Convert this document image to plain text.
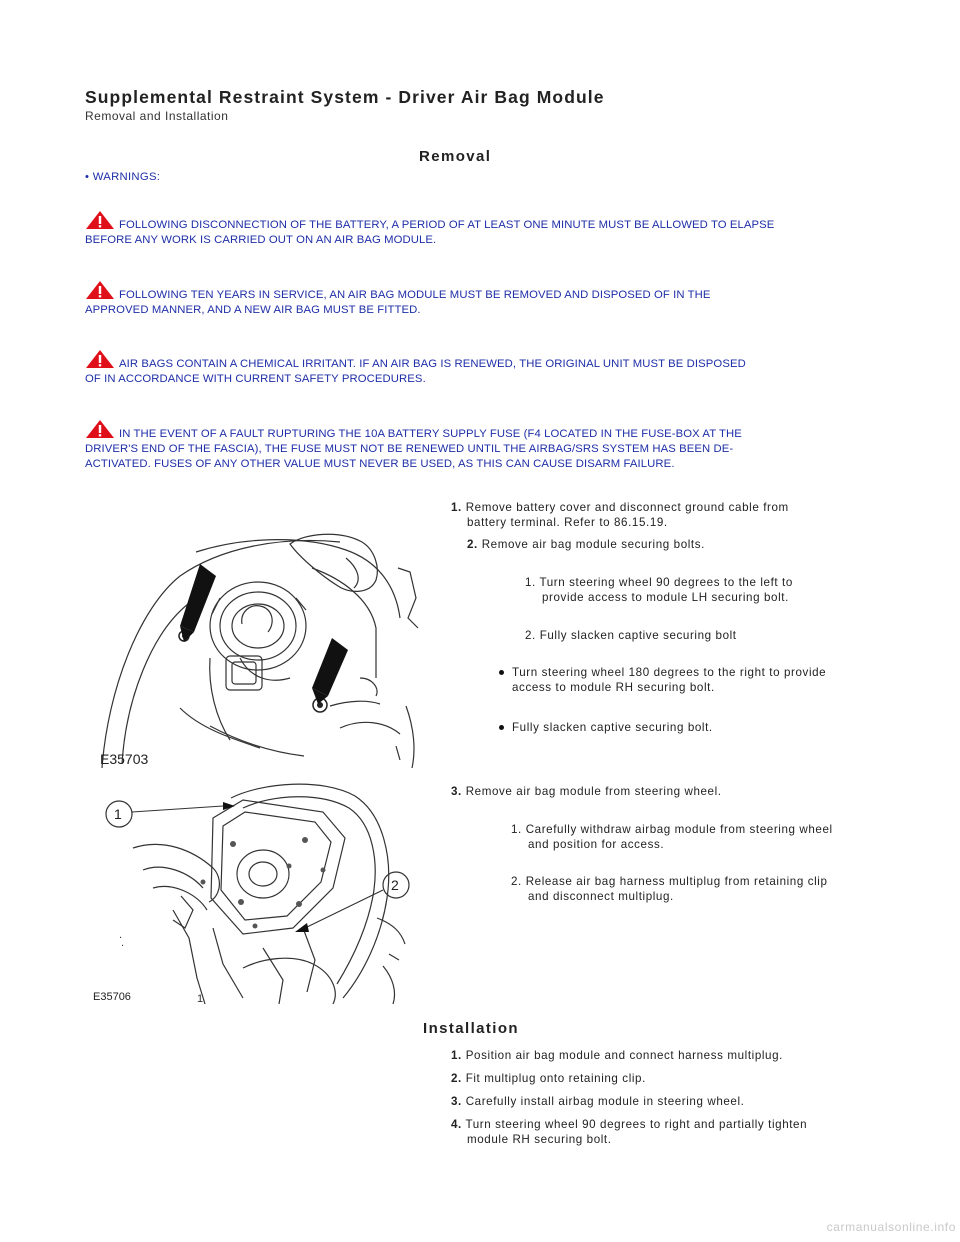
Supplemental Restraint System - Driver Air Bag Module
Removal and Installation
Removal
• WARNINGS:
FOLLOWING DISCONNECTION OF THE BATTERY, A PERIOD OF AT LEAST ONE MINUTE MUST BE ALLOWED TO ELAPSE
BEFORE ANY WORK IS CARRIED OUT ON AN AIR BAG MODULE.
FOLLOWING TEN YEARS IN SERVICE, AN AIR BAG MODULE MUST BE REMOVED AND DISPOSED OF IN THE
APPROVED MANNER, AND A NEW AIR BAG MUST BE FITTED.
AIR BAGS CONTAIN A CHEMICAL IRRITANT. IF AN AIR BAG IS RENEWED, THE ORIGINAL UNIT MUST BE DISPOSED
OF IN ACCORDANCE WITH CURRENT SAFETY PROCEDURES.
IN THE EVENT OF A FAULT RUPTURING THE 10A BATTERY SUPPLY FUSE (F4 LOCATED IN THE FUSE-BOX AT THE
DRIVER'S END OF THE FASCIA), THE FUSE MUST NOT BE RENEWED UNTIL THE AIRBAG/SRS SYSTEM HAS BEEN DE-
ACTIVATED. FUSES OF ANY OTHER VALUE MUST NEVER BE USED, AS THIS CAN CAUSE DISARM FAILURE.
E35703
1. Remove battery cover and disconnect ground cable from
battery terminal. Refer to 86.15.19.
2. Remove air bag module securing bolts.
1. Turn steering wheel 90 degrees to the left to
provide access to module LH securing bolt.
2. Fully slacken captive securing bolt
Turn steering wheel 180 degrees to the right to provide
access to module RH securing bolt.
Fully slacken captive securing bolt.
1
2
.
.
E35706	1
3. Remove air bag module from steering wheel.
1. Carefully withdraw airbag module from steering wheel
and position for access.
2. Release air bag harness multiplug from retaining clip
and disconnect multiplug.
Installation
1. Position air bag module and connect harness multiplug.
2. Fit multiplug onto retaining clip.
3. Carefully install airbag module in steering wheel.
4. Turn steering wheel 90 degrees to right and partially tighten
module RH securing bolt.
carmanualsonline.info
